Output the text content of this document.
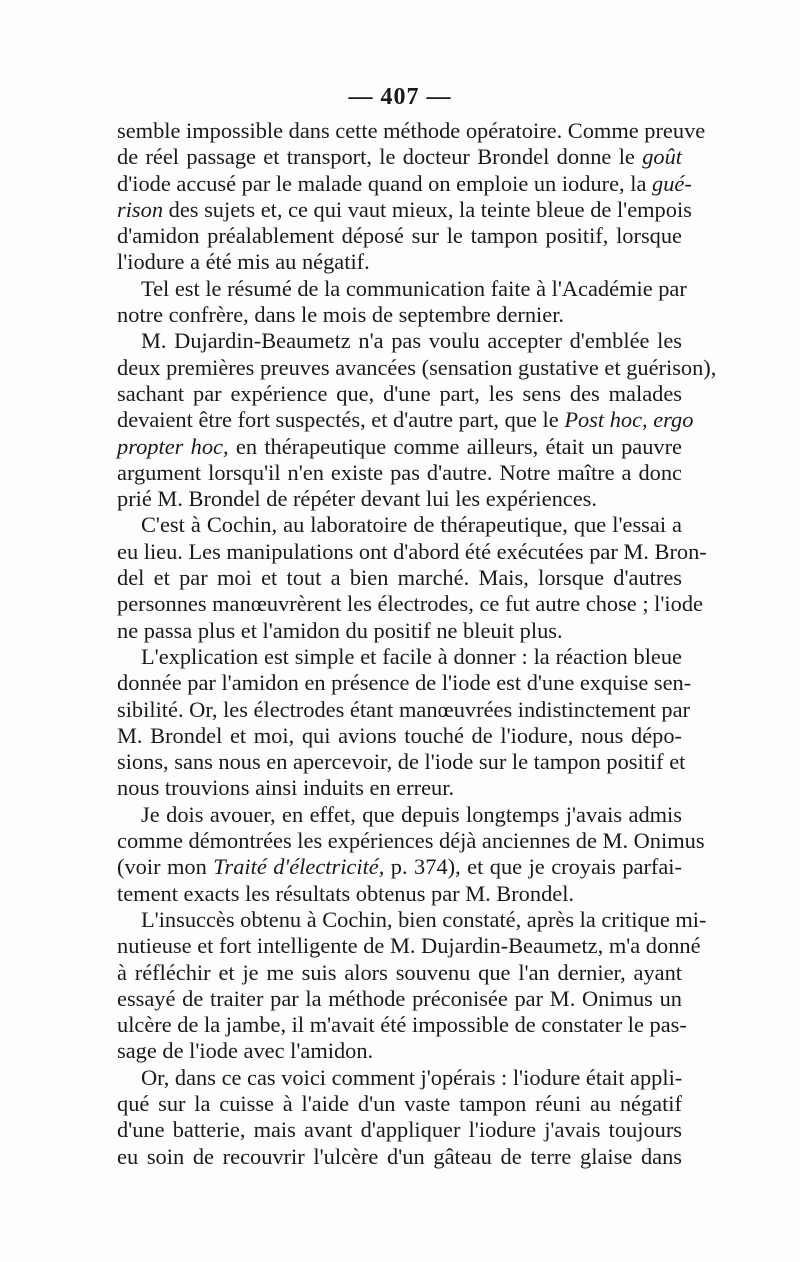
— 407 —
semble impossible dans cette méthode opératoire. Comme preuve
de réel passage et transport, le docteur Brondel donne le goût
d'iode accusé par le malade quand on emploie un iodure, la gué-
rison des sujets et, ce qui vaut mieux, la teinte bleue de l'empois
d'amidon préalablement déposé sur le tampon positif, lorsque
l'iodure a été mis au négatif.
Tel est le résumé de la communication faite à l'Académie par
notre confrère, dans le mois de septembre dernier.
M. Dujardin-Beaumetz n'a pas voulu accepter d'emblée les
deux premières preuves avancées (sensation gustative et guérison),
sachant par expérience que, d'une part, les sens des malades
devaient être fort suspectés, et d'autre part, que le Post hoc, ergo
propter hoc, en thérapeutique comme ailleurs, était un pauvre
argument lorsqu'il n'en existe pas d'autre. Notre maître a donc
prié M. Brondel de répéter devant lui les expériences.
C'est à Cochin, au laboratoire de thérapeutique, que l'essai a
eu lieu. Les manipulations ont d'abord été exécutées par M. Bron-
del et par moi et tout a bien marché. Mais, lorsque d'autres
personnes manœuvrèrent les électrodes, ce fut autre chose ; l'iode
ne passa plus et l'amidon du positif ne bleuit plus.
L'explication est simple et facile à donner : la réaction bleue
donnée par l'amidon en présence de l'iode est d'une exquise sen-
sibilité. Or, les électrodes étant manœuvrées indistinctement par
M. Brondel et moi, qui avions touché de l'iodure, nous dépo-
sions, sans nous en apercevoir, de l'iode sur le tampon positif et
nous trouvions ainsi induits en erreur.
Je dois avouer, en effet, que depuis longtemps j'avais admis
comme démontrées les expériences déjà anciennes de M. Onimus
(voir mon Traité d'électricité, p. 374), et que je croyais parfai-
tement exacts les résultats obtenus par M. Brondel.
L'insuccès obtenu à Cochin, bien constaté, après la critique mi-
nutieuse et fort intelligente de M. Dujardin-Beaumetz, m'a donné
à réfléchir et je me suis alors souvenu que l'an dernier, ayant
essayé de traiter par la méthode préconisée par M. Onimus un
ulcère de la jambe, il m'avait été impossible de constater le pas-
sage de l'iode avec l'amidon.
Or, dans ce cas voici comment j'opérais : l'iodure était appli-
qué sur la cuisse à l'aide d'un vaste tampon réuni au négatif
d'une batterie, mais avant d'appliquer l'iodure j'avais toujours
eu soin de recouvrir l'ulcère d'un gâteau de terre glaise dans
